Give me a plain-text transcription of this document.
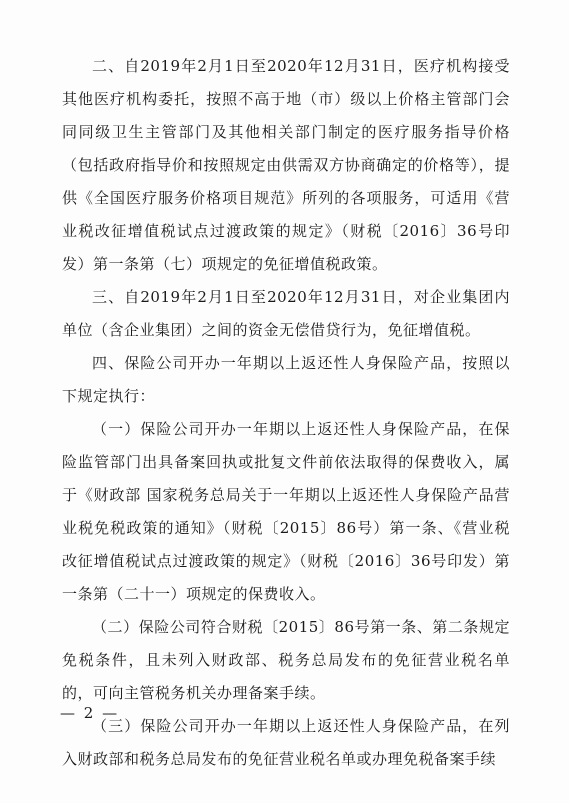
二、自2019年2月1日至2020年12月31日，医疗机构接受其他医疗机构委托，按照不高于地（市）级以上价格主管部门会同同级卫生主管部门及其他相关部门制定的医疗服务指导价格（包括政府指导价和按照规定由供需双方协商确定的价格等），提供《全国医疗服务价格项目规范》所列的各项服务，可适用《营业税改征增值税试点过渡政策的规定》（财税〔2016〕36号印发）第一条第（七）项规定的免征增值税政策。

三、自2019年2月1日至2020年12月31日，对企业集团内单位（含企业集团）之间的资金无偿借贷行为，免征增值税。

四、保险公司开办一年期以上返还性人身保险产品，按照以下规定执行：

（一）保险公司开办一年期以上返还性人身保险产品，在保险监管部门出具备案回执或批复文件前依法取得的保费收入，属于《财政部 国家税务总局关于一年期以上返还性人身保险产品营业税免税政策的通知》（财税〔2015〕86号）第一条、《营业税改征增值税试点过渡政策的规定》（财税〔2016〕36号印发）第一条第（二十一）项规定的保费收入。

（二）保险公司符合财税〔2015〕86号第一条、第二条规定免税条件，且未列入财政部、税务总局发布的免征营业税名单的，可向主管税务机关办理备案手续。

（三）保险公司开办一年期以上返还性人身保险产品，在列入财政部和税务总局发布的免征营业税名单或办理免税备案手续

— 2 —
